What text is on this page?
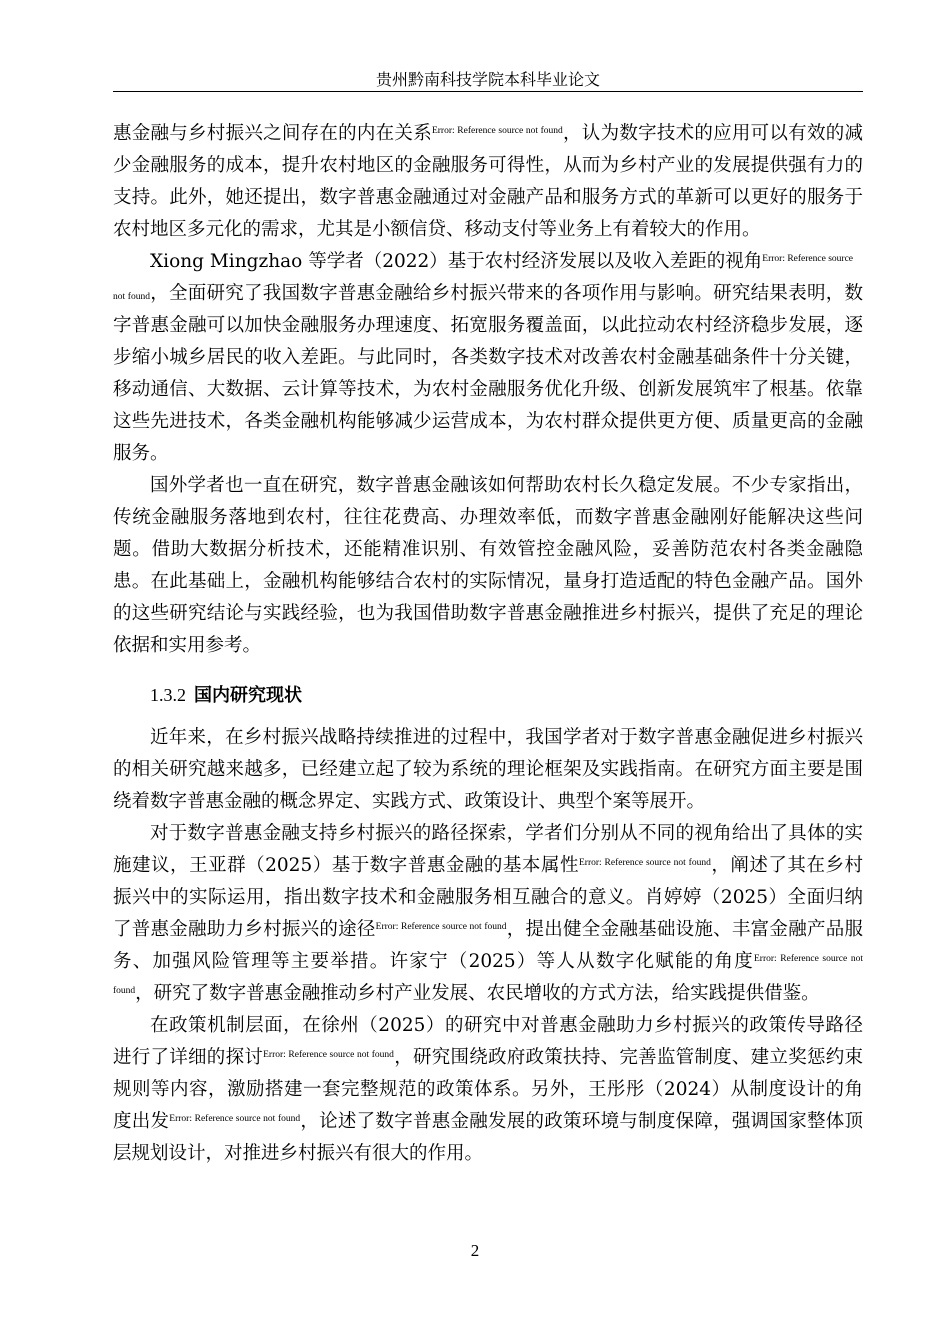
贵州黔南科技学院本科毕业论文

惠金融与乡村振兴之间存在的内在关系$^{Error: Reference source not found}$，认为数字技术的应用可以有效的减少金融服务的成本，提升农村地区的金融服务可得性，从而为乡村产业的发展提供强有力的支持。此外，她还提出，数字普惠金融通过对金融产品和服务方式的革新可以更好的服务于农村地区多元化的需求，尤其是小额信贷、移动支付等业务上有着较大的作用。

Xiong Mingzhao 等学者（2022）基于农村经济发展以及收入差距的视角$^{Error: Reference source}$
not found，全面研究了我国数字普惠金融给乡村振兴带来的各项作用与影响。研究结果表明，数字普惠金融可以加快金融服务办理速度、拓宽服务覆盖面，以此拉动农村经济稳步发展，逐步缩小城乡居民的收入差距。与此同时，各类数字技术对改善农村金融基础条件十分关键，移动通信、大数据、云计算等技术，为农村金融服务优化升级、创新发展筑牢了根基。依靠这些先进技术，各类金融机构能够减少运营成本，为农村群众提供更方便、质量更高的金融服务。

国外学者也一直在研究，数字普惠金融该如何帮助农村长久稳定发展。不少专家指出，传统金融服务落地到农村，往往花费高、办理效率低，而数字普惠金融刚好能解决这些问题。借助大数据分析技术，还能精准识别、有效管控金融风险，妥善防范农村各类金融隐患。在此基础上，金融机构能够结合农村的实际情况，量身打造适配的特色金融产品。国外的这些研究结论与实践经验，也为我国借助数字普惠金融推进乡村振兴，提供了充足的理论依据和实用参考。

1.3.2 国内研究现状

近年来，在乡村振兴战略持续推进的过程中，我国学者对于数字普惠金融促进乡村振兴的相关研究越来越多，已经建立起了较为系统的理论框架及实践指南。在研究方面主要是围绕着数字普惠金融的概念界定、实践方式、政策设计、典型个案等展开。

对于数字普惠金融支持乡村振兴的路径探索，学者们分别从不同的视角给出了具体的实施建议，王亚群（2025）基于数字普惠金融的基本属性$^{Error: Reference source not found}$，阐述了其在乡村振兴中的实际运用，指出数字技术和金融服务相互融合的意义。肖婷婷（2025）全面归纳了普惠金融助力乡村振兴的途径$^{Error: Reference source not found}$，提出健全金融基础设施、丰富金融产品服务、加强风险管理等主要举措。许家宁（2025）等人从数字化赋能的角度$^{Error: Reference source not found}$，研究了数字普惠金融推动乡村产业发展、农民增收的方式方法，给实践提供借鉴。

在政策机制层面，在徐州（2025）的研究中对普惠金融助力乡村振兴的政策传导路径进行了详细的探讨$^{Error: Reference source not found}$，研究围绕政府政策扶持、完善监管制度、建立奖惩约束规则等内容，激励搭建一套完整规范的政策体系。另外，王彤彤（2024）从制度设计的角度出发$^{Error: Reference source not found}$，论述了数字普惠金融发展的政策环境与制度保障，强调国家整体顶层规划设计，对推进乡村振兴有很大的作用。

2
